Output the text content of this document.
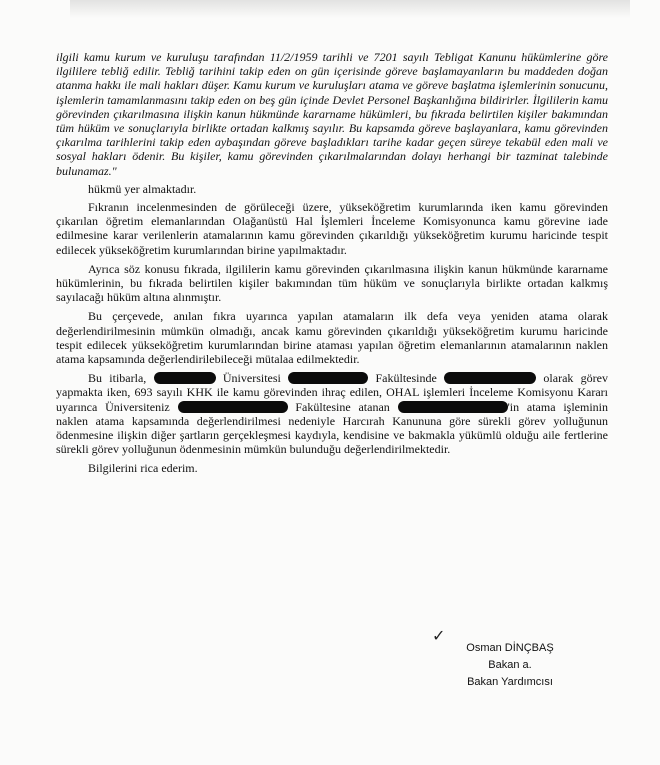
ilgili kamu kurum ve kuruluşu tarafından 11/2/1959 tarihli ve 7201 sayılı Tebligat Kanunu hükümlerine göre ilgililere tebliğ edilir. Tebliğ tarihini takip eden on gün içerisinde göreve başlamayanların bu maddeden doğan atanma hakkı ile mali hakları düşer. Kamu kurum ve kuruluşları atama ve göreve başlatma işlemlerinin sonucunu, işlemlerin tamamlanmasını takip eden on beş gün içinde Devlet Personel Başkanlığına bildirirler. İlgililerin kamu görevinden çıkarılmasına ilişkin kanun hükmünde kararname hükümleri, bu fıkrada belirtilen kişiler bakımından tüm hüküm ve sonuçlarıyla birlikte ortadan kalkmış sayılır. Bu kapsamda göreve başlayanlara, kamu görevinden çıkarılma tarihlerini takip eden aybaşından göreve başladıkları tarihe kadar geçen süreye tekabül eden mali ve sosyal hakları ödenir. Bu kişiler, kamu görevinden çıkarılmalarından dolayı herhangi bir tazminat talebinde bulunamaz."

hükmü yer almaktadır.

Fıkranın incelenmesinden de görüleceği üzere, yükseköğretim kurumlarında iken kamu görevinden çıkarılan öğretim elemanlarından Olağanüstü Hal İşlemleri İnceleme Komisyonunca kamu görevine iade edilmesine karar verilenlerin atamalarının kamu görevinden çıkarıldığı yükseköğretim kurumu haricinde tespit edilecek yükseköğretim kurumlarından birine yapılmaktadır.

Ayrıca söz konusu fıkrada, ilgililerin kamu görevinden çıkarılmasına ilişkin kanun hükmünde kararname hükümlerinin, bu fıkrada belirtilen kişiler bakımından tüm hüküm ve sonuçlarıyla birlikte ortadan kalkmış sayılacağı hüküm altına alınmıştır.

Bu çerçevede, anılan fıkra uyarınca yapılan atamaların ilk defa veya yeniden atama olarak değerlendirilmesinin mümkün olmadığı, ancak kamu görevinden çıkarıldığı yükseköğretim kurumu haricinde tespit edilecek yükseköğretim kurumlarından birine ataması yapılan öğretim elemanlarının atamalarının naklen atama kapsamında değerlendirilebileceği mütalaa edilmektedir.

Bu itibarla,	Üniversitesi	Fakültesinde	olarak görev yapmakta iken, 693 sayılı KHK ile kamu görevinden ihraç edilen, OHAL işlemleri İnceleme Komisyonu Kararı uyarınca Üniversiteniz	Fakültesine atanan	'in atama işleminin naklen atama kapsamında değerlendirilmesi nedeniyle Harcırah Kanununa göre sürekli görev yolluğunun ödenmesine ilişkin diğer şartların gerçekleşmesi kaydıyla, kendisine ve bakmakla yükümlü olduğu aile fertlerine sürekli görev yolluğunun ödenmesinin mümkün bulunduğu değerlendirilmektedir.

Bilgilerini rica ederim.

✓
Osman DİNÇBAŞ
Bakan a.
Bakan Yardımcısı
